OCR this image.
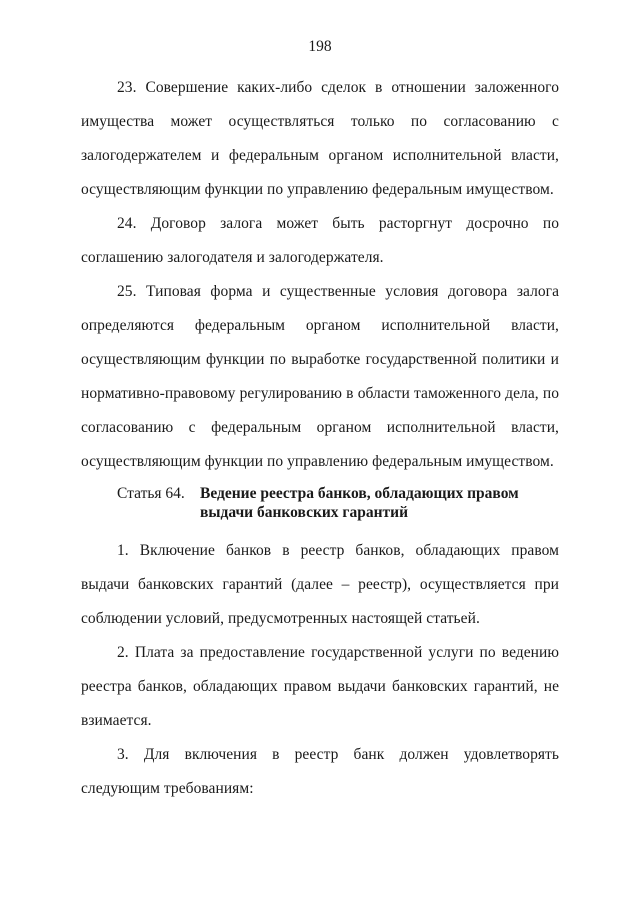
198

23. Совершение каких-либо сделок в отношении заложенного имущества может осуществляться только по согласованию с залогодержателем и федеральным органом исполнительной власти, осуществляющим функции по управлению федеральным имуществом.

24. Договор залога может быть расторгнут досрочно по соглашению залогодателя и залогодержателя.

25. Типовая форма и существенные условия договора залога определяются федеральным органом исполнительной власти, осуществляющим функции по выработке государственной политики и нормативно-правовому регулированию в области таможенного дела, по согласованию с федеральным органом исполнительной власти, осуществляющим функции по управлению федеральным имуществом.

Статья 64. Ведение реестра банков, обладающих правом выдачи банковских гарантий

1. Включение банков в реестр банков, обладающих правом выдачи банковских гарантий (далее – реестр), осуществляется при соблюдении условий, предусмотренных настоящей статьей.

2. Плата за предоставление государственной услуги по ведению реестра банков, обладающих правом выдачи банковских гарантий, не взимается.

3. Для включения в реестр банк должен удовлетворять следующим требованиям:
